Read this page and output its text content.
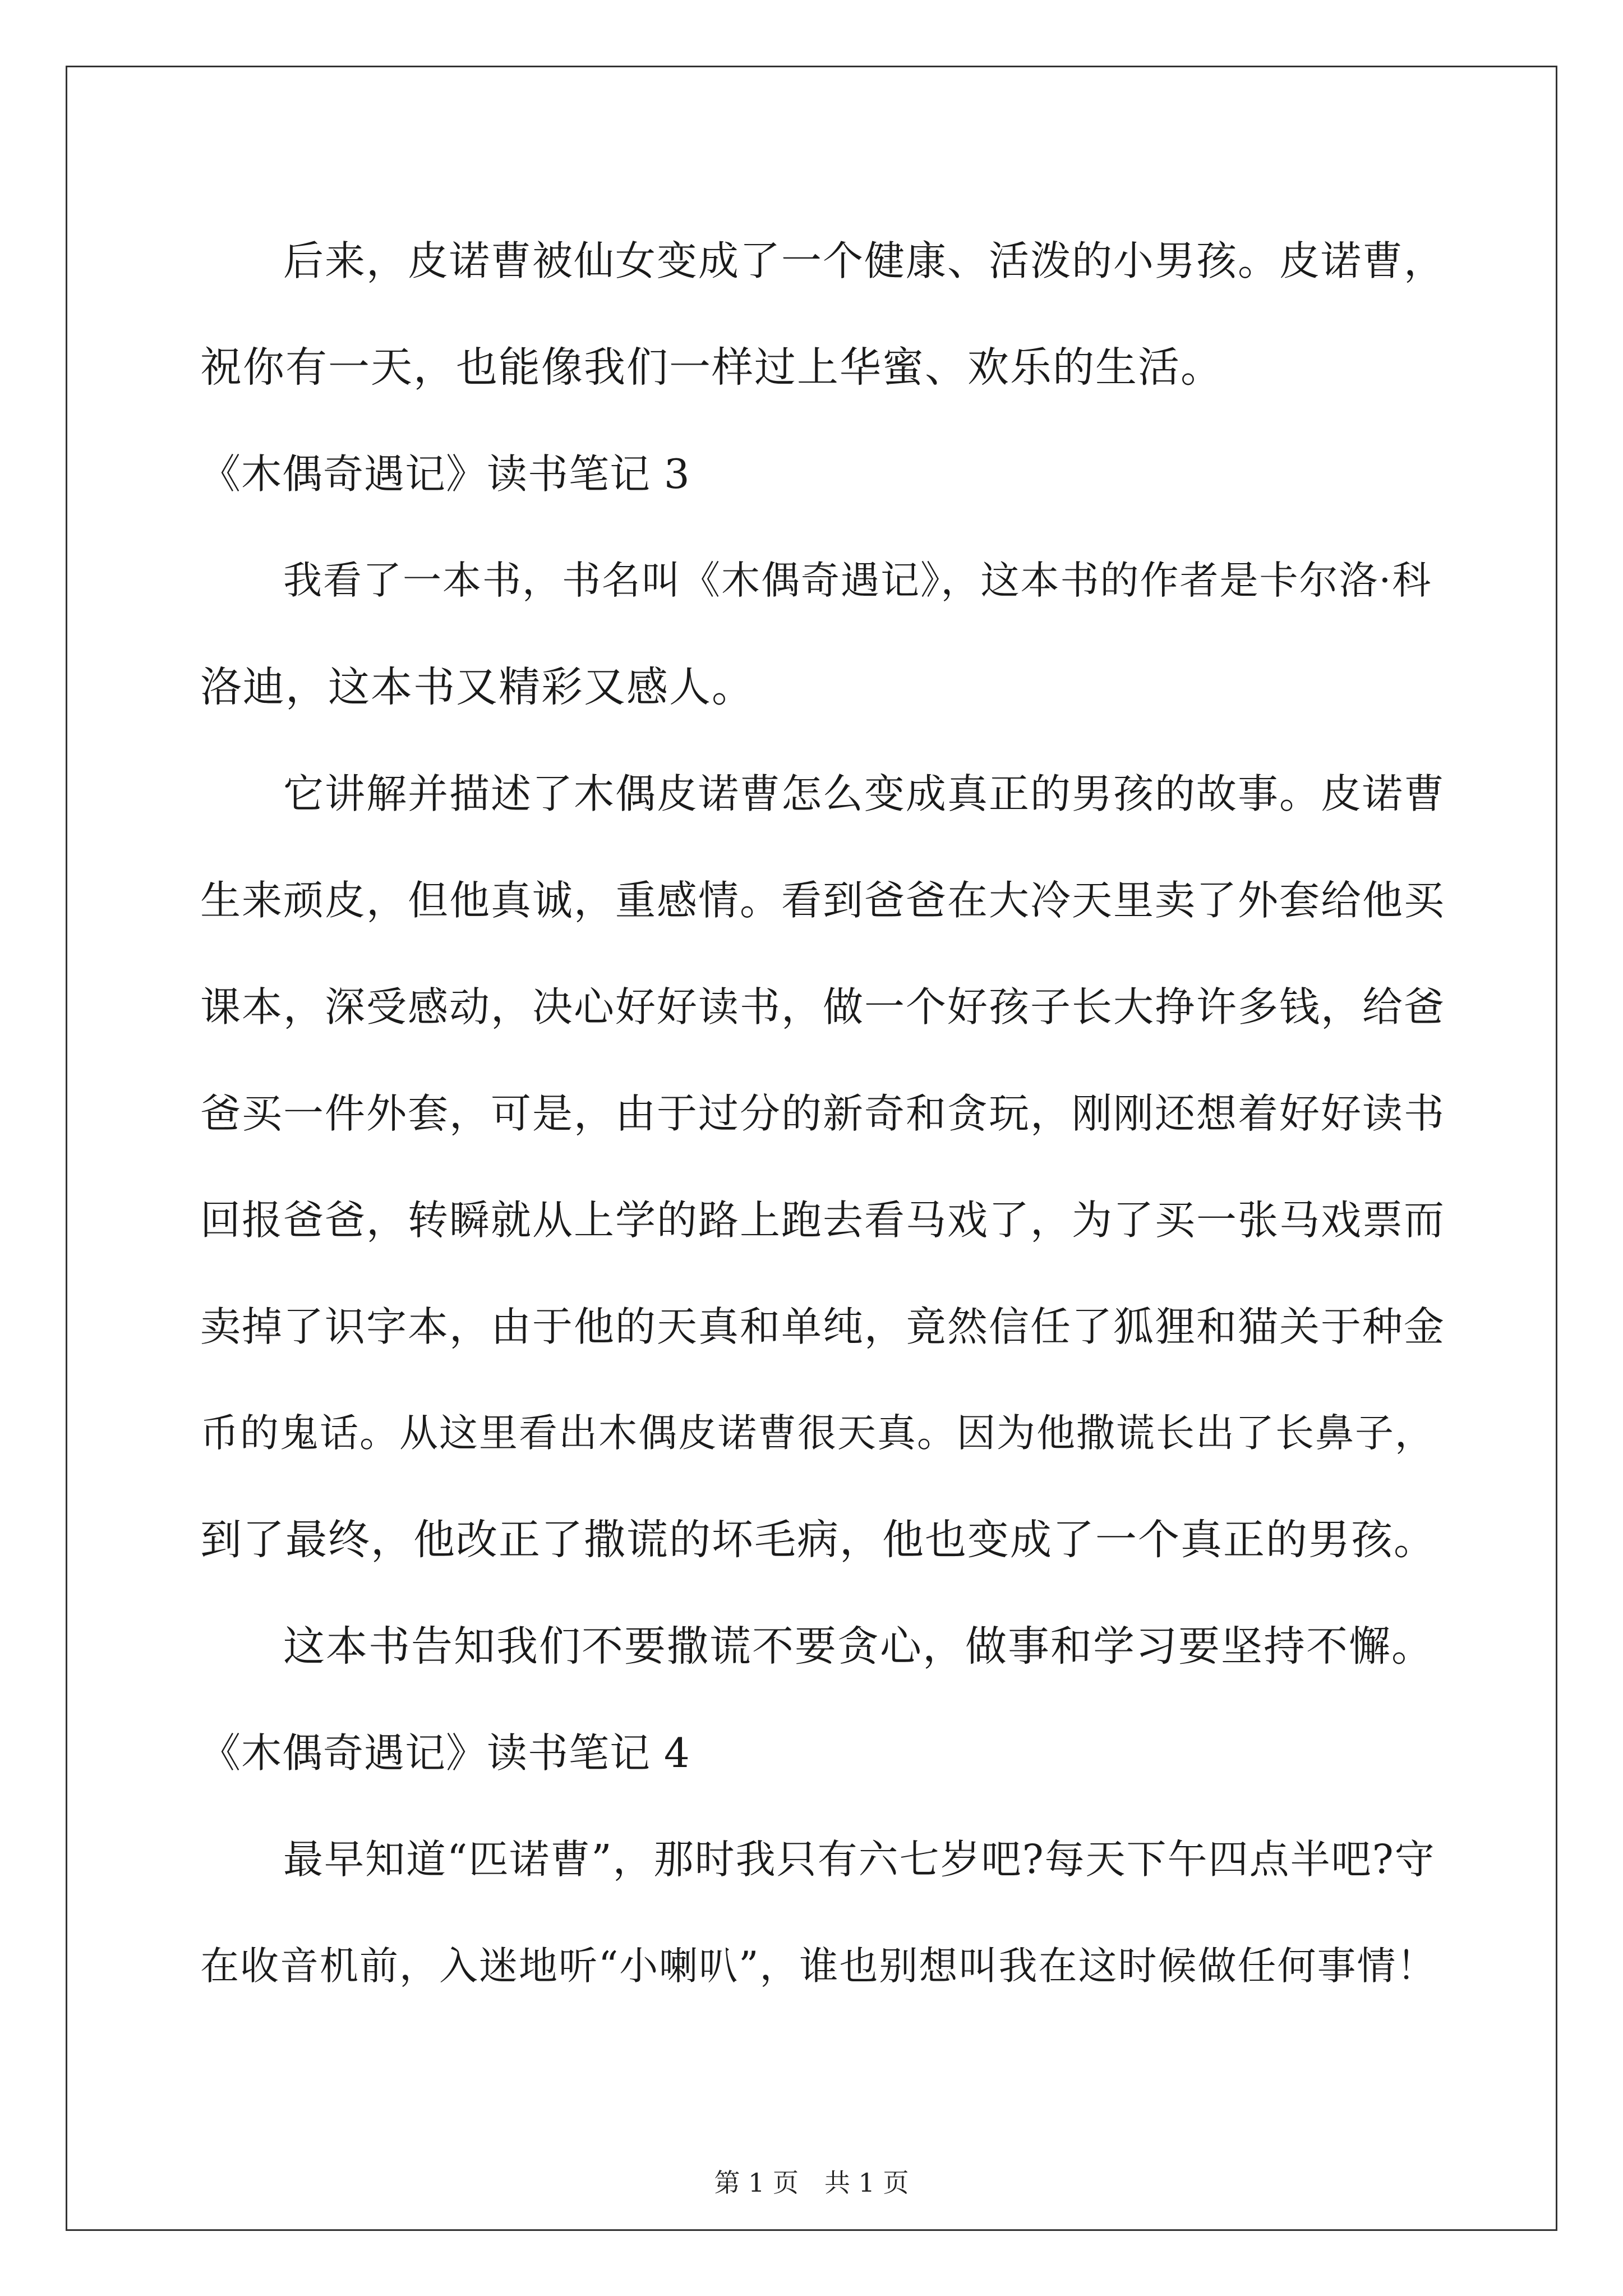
后来，皮诺曹被仙女变成了一个健康、活泼的小男孩。皮诺曹，
祝你有一天，也能像我们一样过上华蜜、欢乐的生活。
《木偶奇遇记》读书笔记 3
我看了一本书，书名叫《木偶奇遇记》，这本书的作者是卡尔洛·科
洛迪，这本书又精彩又感人。
它讲解并描述了木偶皮诺曹怎么变成真正的男孩的故事。皮诺曹
生来顽皮，但他真诚，重感情。看到爸爸在大冷天里卖了外套给他买
课本，深受感动，决心好好读书，做一个好孩子长大挣许多钱，给爸
爸买一件外套，可是，由于过分的新奇和贪玩，刚刚还想着好好读书
回报爸爸，转瞬就从上学的路上跑去看马戏了，为了买一张马戏票而
卖掉了识字本，由于他的天真和单纯，竟然信任了狐狸和猫关于种金
币的鬼话。从这里看出木偶皮诺曹很天真。因为他撒谎长出了长鼻子，
到了最终，他改正了撒谎的坏毛病，他也变成了一个真正的男孩。
这本书告知我们不要撒谎不要贪心，做事和学习要坚持不懈。
《木偶奇遇记》读书笔记 4
最早知道“匹诺曹”，那时我只有六七岁吧?每天下午四点半吧?守
在收音机前，入迷地听“小喇叭”，谁也别想叫我在这时候做任何事情！
第 1 页 共 1 页
